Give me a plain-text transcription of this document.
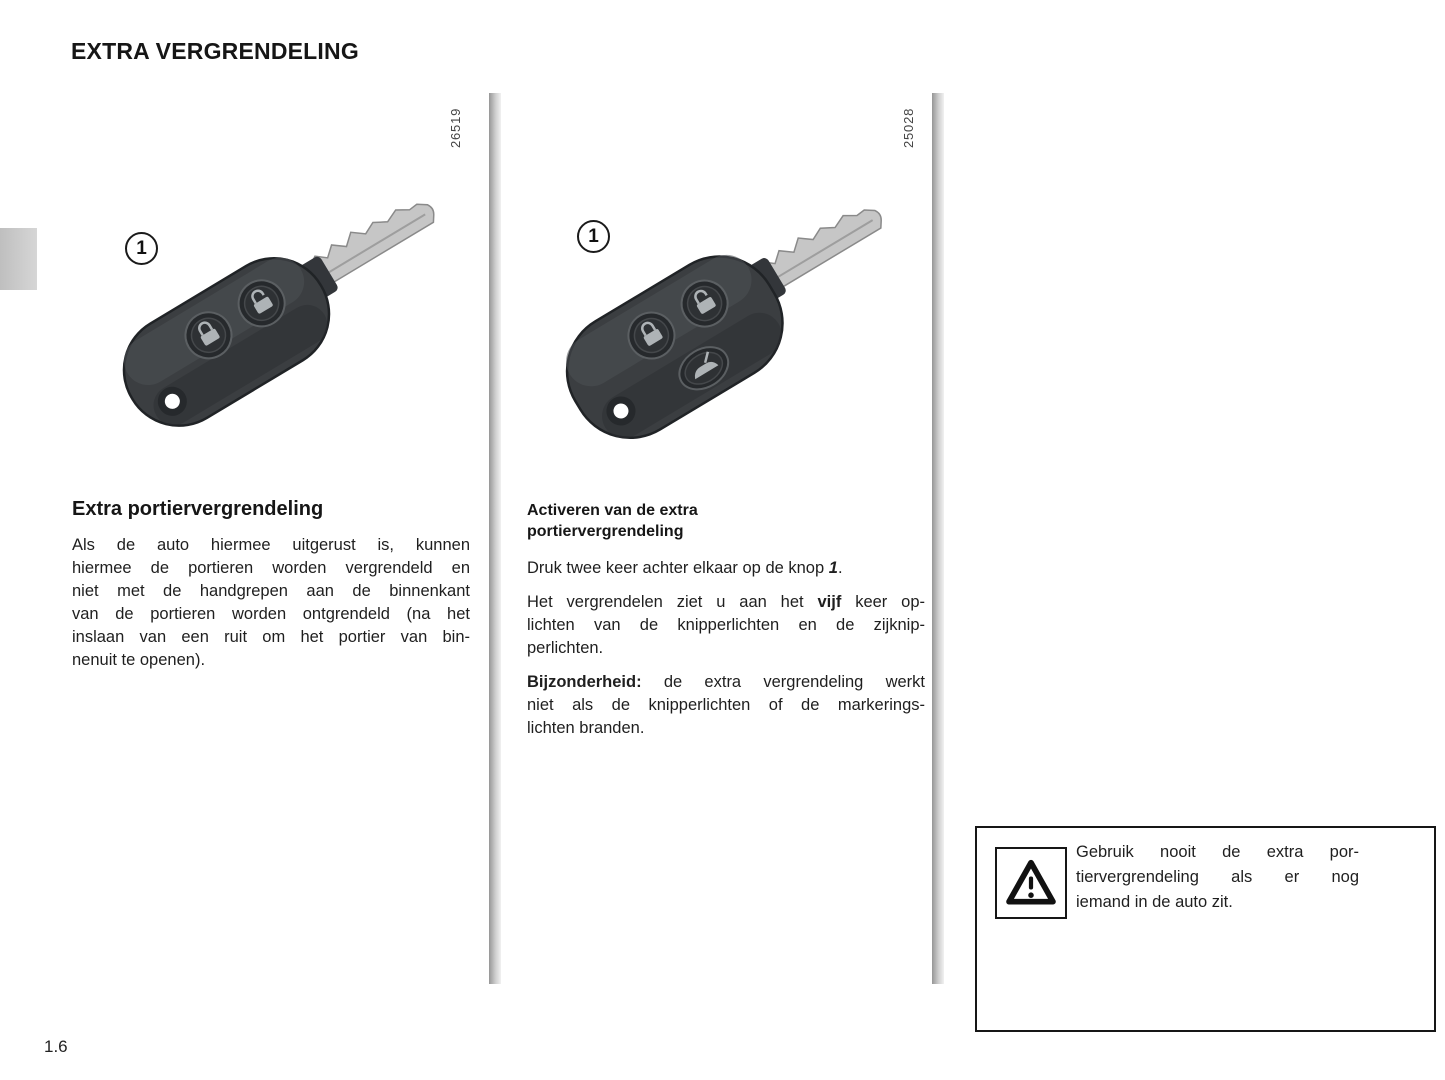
EXTRA VERGRENDELING
26519	25028
1
1
Extra portiervergrendeling
Als de auto hiermee uitgerust is, kunnen
hiermee de portieren worden vergrendeld en
niet met de handgrepen aan de binnenkant
van de portieren worden ontgrendeld (na het
inslaan van een ruit om het portier van bin-
nenuit te openen).
Activeren van de extra
portiervergrendeling

Druk twee keer achter elkaar op de knop 1.

Het vergrendelen ziet u aan het vijf keer op-
lichten van de knipperlichten en de zijknip-
perlichten.
Bijzonderheid: de extra vergrendeling werkt
niet als de knipperlichten of de markerings-
lichten branden.
Gebruik nooit de extra por-
tiervergrendeling als er nog
iemand in de auto zit.
1.6
